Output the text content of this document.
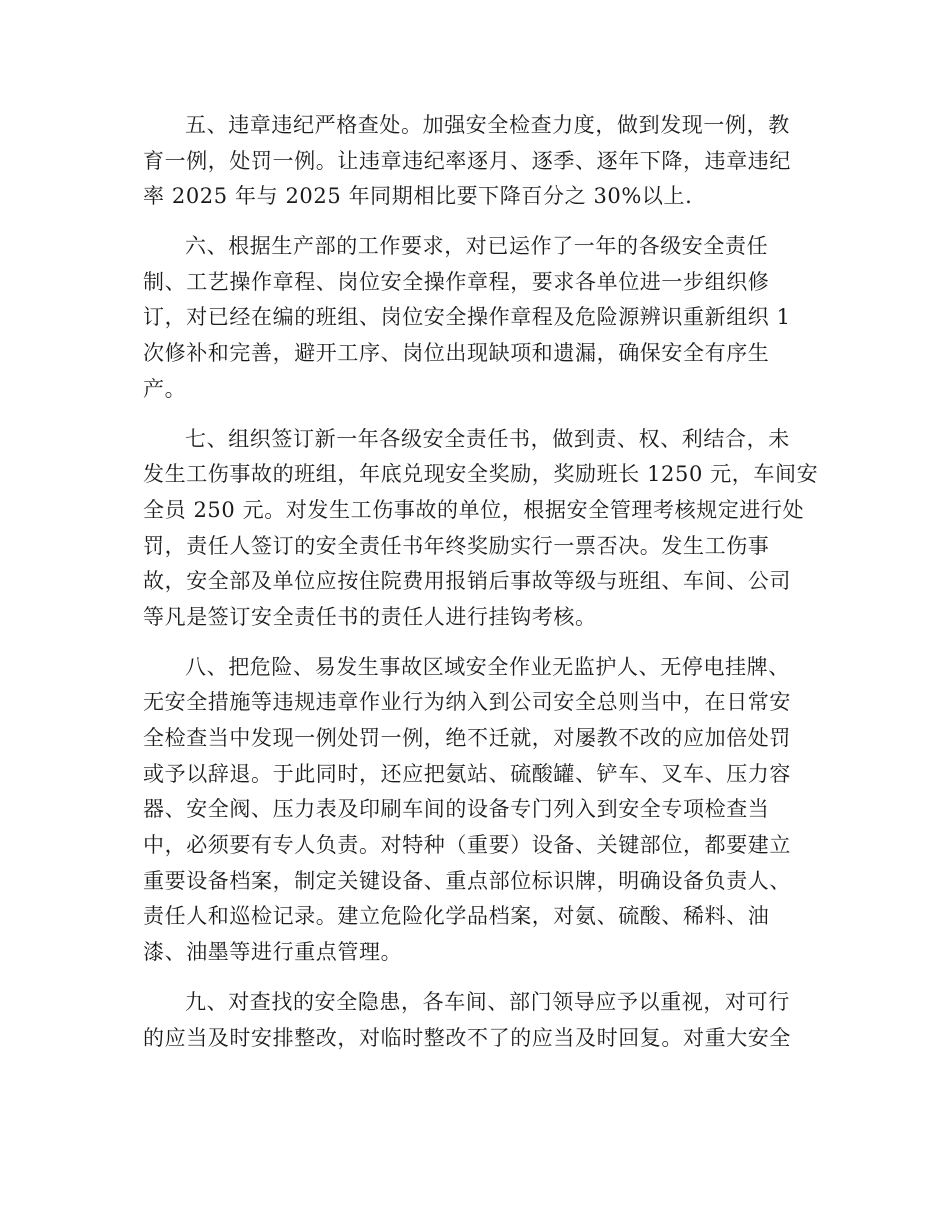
五、违章违纪严格查处。加强安全检查力度，做到发现一例，教
育一例，处罚一例。让违章违纪率逐月、逐季、逐年下降，违章违纪
率 2025 年与 2025 年同期相比要下降百分之 30%以上.

六、根据生产部的工作要求，对已运作了一年的各级安全责任
制、工艺操作章程、岗位安全操作章程，要求各单位进一步组织修
订，对已经在编的班组、岗位安全操作章程及危险源辨识重新组织 1
次修补和完善，避开工序、岗位出现缺项和遗漏，确保安全有序生
产。

七、组织签订新一年各级安全责任书，做到责、权、利结合，未
发生工伤事故的班组，年底兑现安全奖励，奖励班长 1250 元，车间安
全员 250 元。对发生工伤事故的单位，根据安全管理考核规定进行处
罚，责任人签订的安全责任书年终奖励实行一票否决。发生工伤事
故，安全部及单位应按住院费用报销后事故等级与班组、车间、公司
等凡是签订安全责任书的责任人进行挂钩考核。

八、把危险、易发生事故区域安全作业无监护人、无停电挂牌、
无安全措施等违规违章作业行为纳入到公司安全总则当中，在日常安
全检查当中发现一例处罚一例，绝不迁就，对屡教不改的应加倍处罚
或予以辞退。于此同时，还应把氨站、硫酸罐、铲车、叉车、压力容
器、安全阀、压力表及印刷车间的设备专门列入到安全专项检查当
中，必须要有专人负责。对特种（重要）设备、关键部位，都要建立
重要设备档案，制定关键设备、重点部位标识牌，明确设备负责人、
责任人和巡检记录。建立危险化学品档案，对氨、硫酸、稀料、油
漆、油墨等进行重点管理。

九、对查找的安全隐患，各车间、部门领导应予以重视，对可行
的应当及时安排整改，对临时整改不了的应当及时回复。对重大安全
